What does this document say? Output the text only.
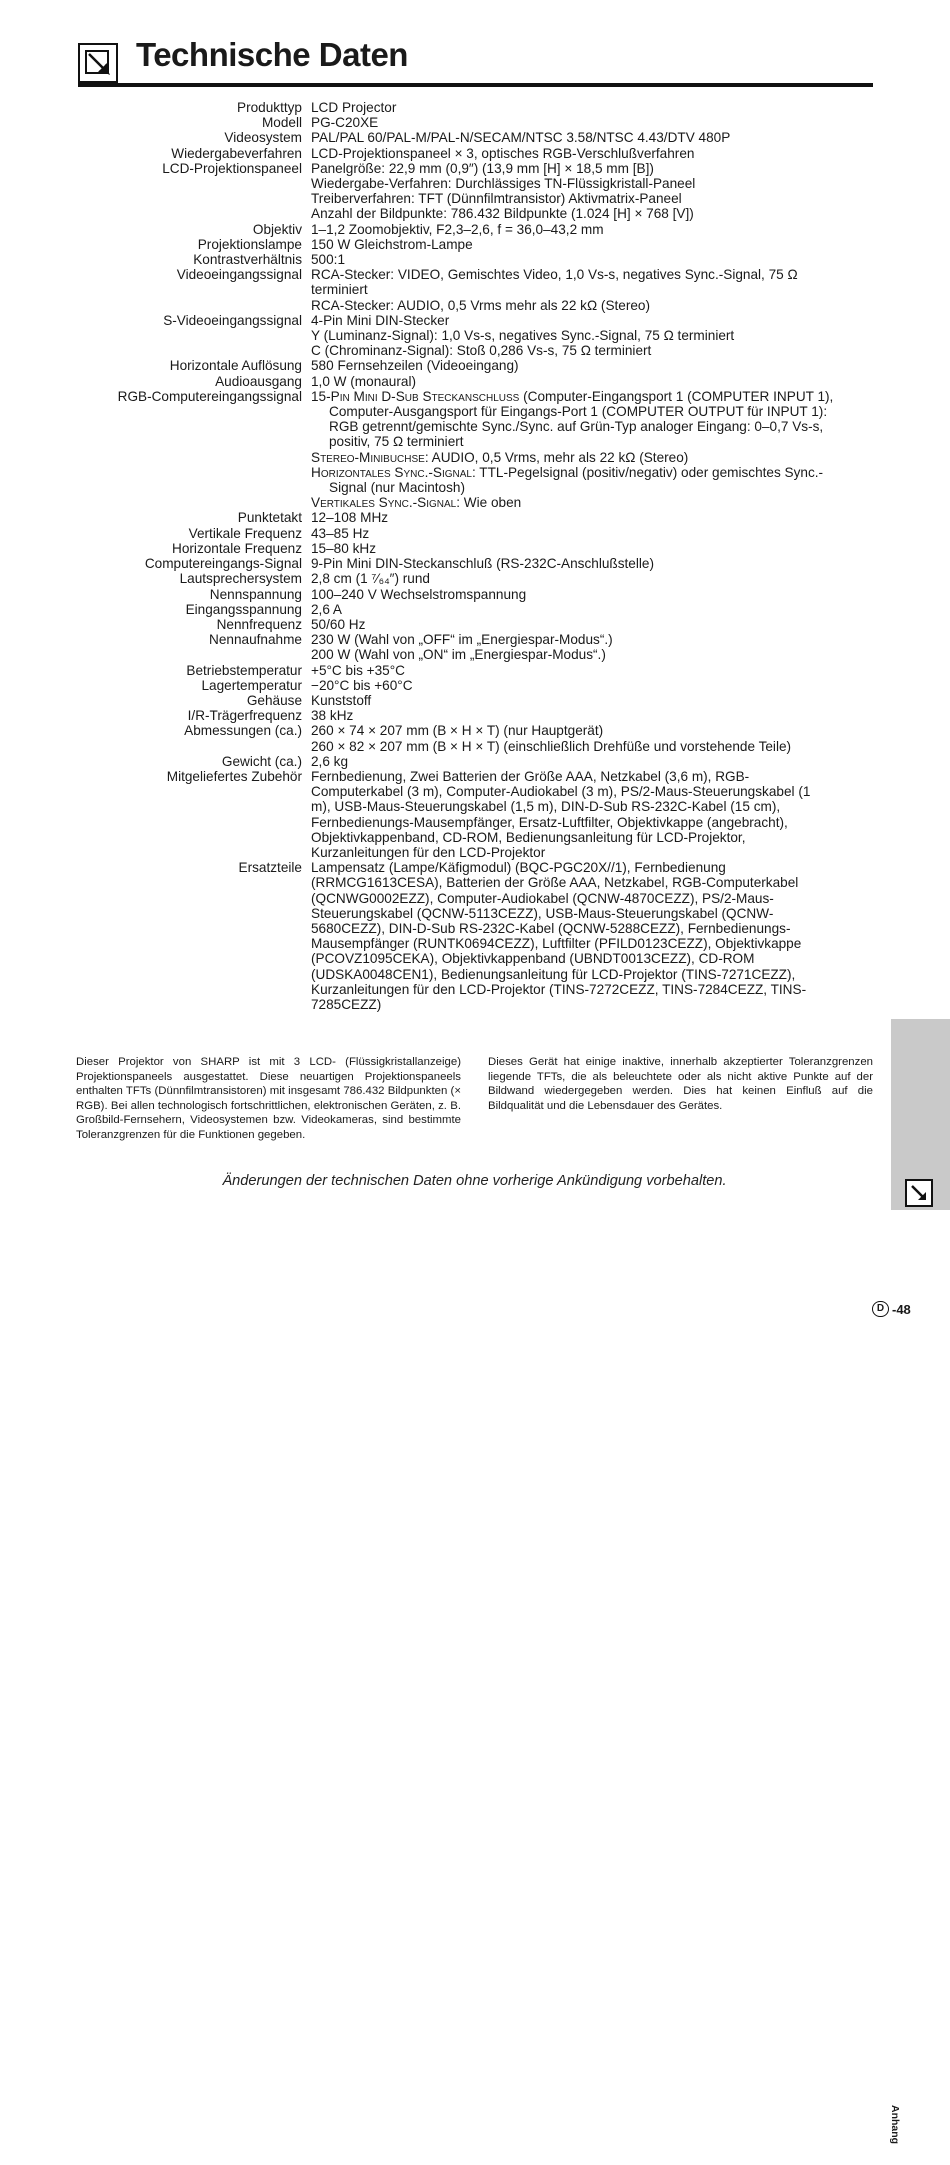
Technische Daten
Produkttyp LCD Projector
Modell PG-C20XE
Videosystem PAL/PAL 60/PAL-M/PAL-N/SECAM/NTSC 3.58/NTSC 4.43/DTV 480P
Wiedergabeverfahren LCD-Projektionspaneel × 3, optisches RGB-Verschlußverfahren
LCD-Projektionspaneel Panelgröße: 22,9 mm (0,9″) (13,9 mm [H] × 18,5 mm [B])
Wiedergabe-Verfahren: Durchlässiges TN-Flüssigkristall-Paneel
Treiberverfahren: TFT (Dünnfilmtransistor) Aktivmatrix-Paneel
Anzahl der Bildpunkte: 786.432 Bildpunkte (1.024 [H] × 768 [V])
Objektiv 1–1,2 Zoomobjektiv, F2,3–2,6, f = 36,0–43,2 mm
Projektionslampe 150 W Gleichstrom-Lampe
Kontrastverhältnis 500:1
Videoeingangssignal RCA-Stecker: VIDEO, Gemischtes Video, 1,0 Vs-s, negatives Sync.-Signal, 75 Ω
terminiert
RCA-Stecker: AUDIO, 0,5 Vrms mehr als 22 kΩ (Stereo)
S-Videoeingangssignal 4-Pin Mini DIN-Stecker
Y (Luminanz-Signal): 1,0 Vs-s, negatives Sync.-Signal, 75 Ω terminiert
C (Chrominanz-Signal): Stoß 0,286 Vs-s, 75 Ω terminiert
Horizontale Auflösung 580 Fernsehzeilen (Videoeingang)
Audioausgang 1,0 W (monaural)
RGB-Computereingangssignal 15-Pin Mini D-Sub Steckanschluss (Computer-Eingangsport 1 (COMPUTER INPUT 1),
Computer-Ausgangsport für Eingangs-Port 1 (COMPUTER OUTPUT für INPUT 1):
RGB getrennt/gemischte Sync./Sync. auf Grün-Typ analoger Eingang: 0–0,7 Vs-s,
positiv, 75 Ω terminiert
Stereo-Minibuchse: AUDIO, 0,5 Vrms, mehr als 22 kΩ (Stereo)
Horizontales Sync.-Signal: TTL-Pegelsignal (positiv/negativ) oder gemischtes Sync.-
Signal (nur Macintosh)
Vertikales Sync.-Signal: Wie oben
Punktetakt 12–108 MHz
Vertikale Frequenz 43–85 Hz
Horizontale Frequenz 15–80 kHz
Computereingangs-Signal 9-Pin Mini DIN-Steckanschluß (RS-232C-Anschlußstelle)
Lautsprechersystem 2,8 cm (1 ⁷⁄₆₄″) rund
Nennspannung 100–240 V Wechselstromspannung
Eingangsspannung 2,6 A
Nennfrequenz 50/60 Hz
Nennaufnahme 230 W (Wahl von „OFF“ im „Energiespar-Modus“.)
200 W (Wahl von „ON“ im „Energiespar-Modus“.)
Betriebstemperatur +5°C bis +35°C
Lagertemperatur −20°C bis +60°C
Gehäuse Kunststoff
I/R-Trägerfrequenz 38 kHz
Abmessungen (ca.) 260 × 74 × 207 mm (B × H × T) (nur Hauptgerät)
260 × 82 × 207 mm (B × H × T) (einschließlich Drehfüße und vorstehende Teile)
Gewicht (ca.) 2,6 kg
Mitgeliefertes Zubehör Fernbedienung, Zwei Batterien der Größe AAA, Netzkabel (3,6 m), RGB-
Computerkabel (3 m), Computer-Audiokabel (3 m), PS/2-Maus-Steuerungskabel (1
m), USB-Maus-Steuerungskabel (1,5 m), DIN-D-Sub RS-232C-Kabel (15 cm),
Fernbedienungs-Mausempfänger, Ersatz-Luftfilter, Objektivkappe (angebracht),
Objektivkappenband, CD-ROM, Bedienungsanleitung für LCD-Projektor,
Kurzanleitungen für den LCD-Projektor
Ersatzteile Lampensatz (Lampe/Käfigmodul) (BQC-PGC20X//1), Fernbedienung
(RRMCG1613CESA), Batterien der Größe AAA, Netzkabel, RGB-Computerkabel
(QCNWG0002EZZ), Computer-Audiokabel (QCNW-4870CEZZ), PS/2-Maus-
Steuerungskabel (QCNW-5113CEZZ), USB-Maus-Steuerungskabel (QCNW-
5680CEZZ), DIN-D-Sub RS-232C-Kabel (QCNW-5288CEZZ), Fernbedienungs-
Mausempfänger (RUNTK0694CEZZ), Luftfilter (PFILD0123CEZZ), Objektivkappe
(PCOVZ1095CEKA), Objektivkappenband (UBNDT0013CEZZ), CD-ROM
(UDSKA0048CEN1), Bedienungsanleitung für LCD-Projektor (TINS-7271CEZZ),
Kurzanleitungen für den LCD-Projektor (TINS-7272CEZZ, TINS-7284CEZZ, TINS-
7285CEZZ)
Dieser Projektor von SHARP ist mit 3 LCD- (Flüssigkristallanzeige) Projektionspaneels ausgestattet. Diese neuartigen Projektionspaneels enthalten TFTs (Dünnfilmtransistoren) mit insgesamt 786.432 Bildpunkten (× RGB). Bei allen technologisch fortschrittlichen, elektronischen Geräten, z. B. Großbild-Fernsehern, Videosystemen bzw. Videokameras, sind bestimmte Toleranzgrenzen für die Funktionen gegeben.
Dieses Gerät hat einige inaktive, innerhalb akzeptierter Toleranzgrenzen liegende TFTs, die als beleuchtete oder als nicht aktive Punkte auf der Bildwand wiedergegeben werden. Dies hat keinen Einfluß auf die Bildqualität und die Lebensdauer des Gerätes.
Änderungen der technischen Daten ohne vorherige Ankündigung vorbehalten.
Anhang
D -48
